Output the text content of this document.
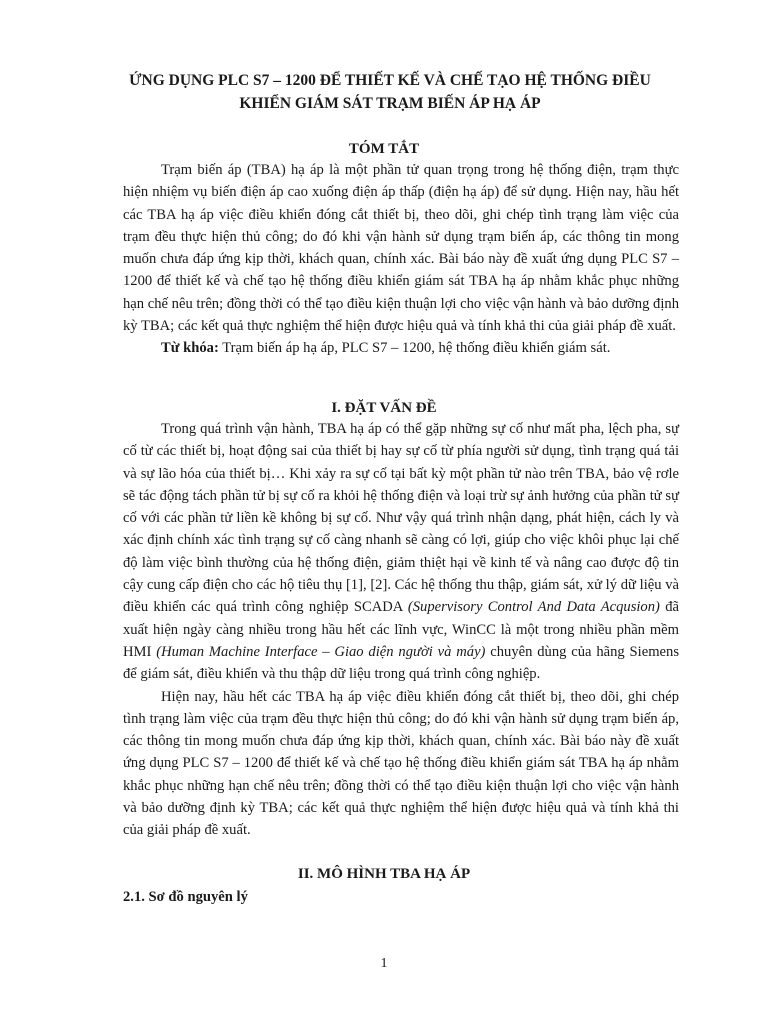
ỨNG DỤNG PLC S7 – 1200 ĐỂ THIẾT KẾ VÀ CHẾ TẠO HỆ THỐNG ĐIỀU
KHIỂN GIÁM SÁT TRẠM BIẾN ÁP HẠ ÁP
TÓM TẮT

Trạm biến áp (TBA) hạ áp là một phần tử quan trọng trong hệ thống điện, trạm thực hiện nhiệm vụ biến điện áp cao xuống điện áp thấp (điện hạ áp) để sử dụng. Hiện nay, hầu hết các TBA hạ áp việc điều khiển đóng cắt thiết bị, theo dõi, ghi chép tình trạng làm việc của trạm đều thực hiện thủ công; do đó khi vận hành sử dụng trạm biến áp, các thông tin mong muốn chưa đáp ứng kịp thời, khách quan, chính xác. Bài báo này đề xuất ứng dụng PLC S7 – 1200 để thiết kế và chế tạo hệ thống điều khiển giám sát TBA hạ áp nhằm khắc phục những hạn chế nêu trên; đồng thời có thể tạo điều kiện thuận lợi cho việc vận hành và bảo dưỡng định kỳ TBA; các kết quả thực nghiệm thể hiện được hiệu quả và tính khả thi của giải pháp đề xuất.

Từ khóa: Trạm biến áp hạ áp, PLC S7 – 1200, hệ thống điều khiển giám sát.

I. ĐẶT VẤN ĐỀ

Trong quá trình vận hành, TBA hạ áp có thể gặp những sự cố như mất pha, lệch pha, sự cố từ các thiết bị, hoạt động sai của thiết bị hay sự cố từ phía người sử dụng, tình trạng quá tải và sự lão hóa của thiết bị… Khi xảy ra sự cố tại bất kỳ một phần tử nào trên TBA, bảo vệ rơle sẽ tác động tách phần tử bị sự cố ra khỏi hệ thống điện và loại trừ sự ảnh hưởng của phần tử sự cố với các phần tử liền kề không bị sự cố. Như vậy quá trình nhận dạng, phát hiện, cách ly và xác định chính xác tình trạng sự cố càng nhanh sẽ càng có lợi, giúp cho việc khôi phục lại chế độ làm việc bình thường của hệ thống điện, giảm thiệt hại về kinh tế và nâng cao được độ tin cậy cung cấp điện cho các hộ tiêu thụ [1], [2]. Các hệ thống thu thập, giám sát, xử lý dữ liệu và điều khiển các quá trình công nghiệp SCADA (Supervisory Control And Data Acqusion) đã xuất hiện ngày càng nhiều trong hầu hết các lĩnh vực, WinCC là một trong nhiều phần mềm HMI (Human Machine Interface – Giao diện người và máy) chuyên dùng của hãng Siemens để giám sát, điều khiển và thu thập dữ liệu trong quá trình công nghiệp.

Hiện nay, hầu hết các TBA hạ áp việc điều khiển đóng cắt thiết bị, theo dõi, ghi chép tình trạng làm việc của trạm đều thực hiện thủ công; do đó khi vận hành sử dụng trạm biến áp, các thông tin mong muốn chưa đáp ứng kịp thời, khách quan, chính xác. Bài báo này đề xuất ứng dụng PLC S7 – 1200 để thiết kế và chế tạo hệ thống điều khiển giám sát TBA hạ áp nhằm khắc phục những hạn chế nêu trên; đồng thời có thể tạo điều kiện thuận lợi cho việc vận hành và bảo dưỡng định kỳ TBA; các kết quả thực nghiệm thể hiện được hiệu quả và tính khả thi của giải pháp đề xuất.

II. MÔ HÌNH TBA HẠ ÁP
2.1. Sơ đồ nguyên lý
1
